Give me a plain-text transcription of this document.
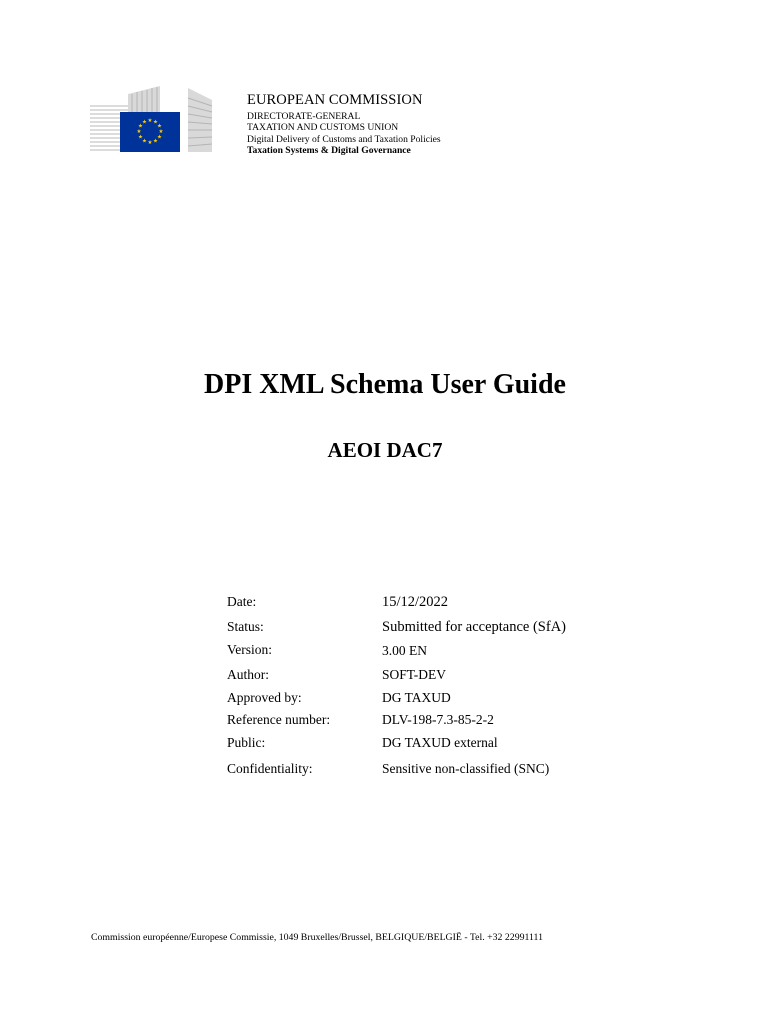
★ ★
★
★
★
★
★
★
★
★
★
★
EUROPEAN COMMISSION
DIRECTORATE-GENERAL
TAXATION AND CUSTOMS UNION
Digital Delivery of Customs and Taxation Policies
Taxation Systems & Digital Governance
DPI XML Schema User Guide
AEOI DAC7
Date:	15/12/2022
Status:	Submitted for acceptance (SfA)
Version:	3.00 EN
Author:	SOFT-DEV
Approved by:	DG TAXUD
Reference number:	DLV-198-7.3-85-2-2
Public:	DG TAXUD external
Confidentiality:	Sensitive non-classified (SNC)
Commission européenne/Europese Commissie, 1049 Bruxelles/Brussel, BELGIQUE/BELGIË - Tel. +32 22991111
